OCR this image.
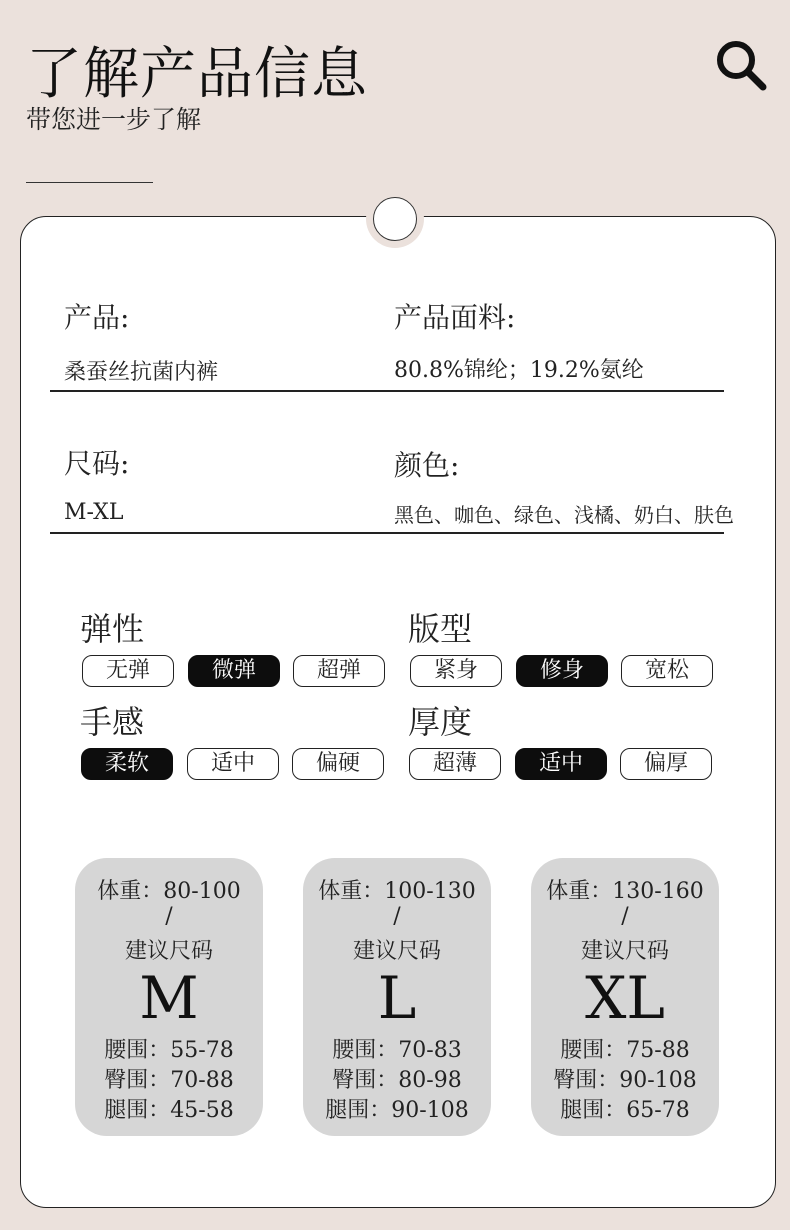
了解产品信息
带您进一步了解
产品:
桑蚕丝抗菌内裤
产品面料:
80.8%锦纶；19.2%氨纶
尺码:
M-XL
颜色:
黑色、咖色、绿色、浅橘、奶白、肤色
弹性	版型
手感	厚度
无弹	微弹	超弹	紧身	修身	宽松
柔软	适中	偏硬	超薄	适中	偏厚
体重：80-100
/
建议尺码
M
腰围：55-78
臀围：70-88
腿围：45-58
体重：100-130
/
建议尺码
L
腰围：70-83
臀围：80-98
腿围：90-108
体重：130-160
/
建议尺码
XL
腰围：75-88
臀围：90-108
腿围：65-78
